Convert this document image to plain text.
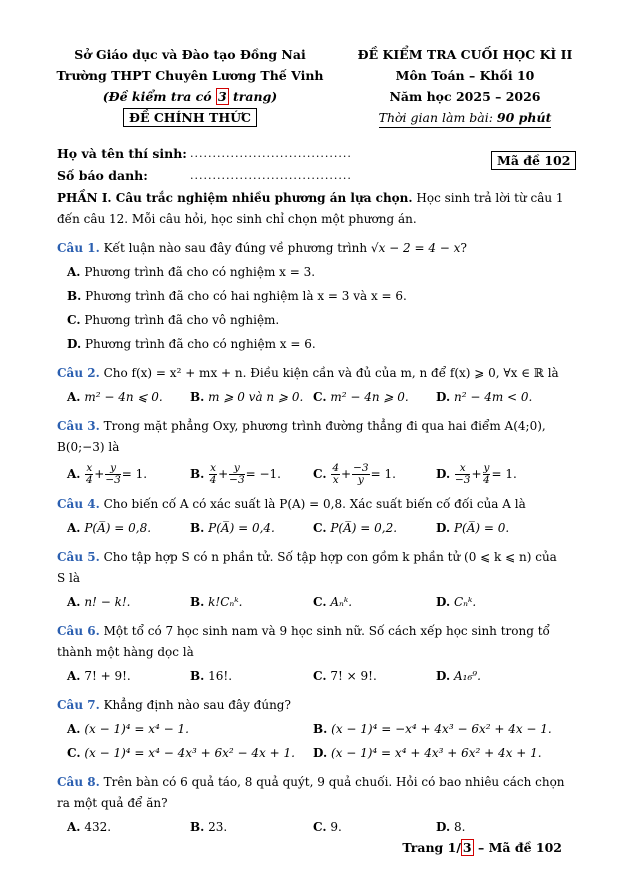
Sở Giáo dục và Đào tạo Đồng Nai
Trường THPT Chuyên Lương Thế Vinh
(Đề kiểm tra có 3 trang)
ĐỀ CHÍNH THỨC
ĐỀ KIỂM TRA CUỐI HỌC KÌ II
Môn Toán – Khối 10
Năm học 2025 – 2026
Thời gian làm bài: 90 phút
Họ và tên thí sinh: ....................................
Số báo danh:	....................................
Mã đề 102
PHẦN I. Câu trắc nghiệm nhiều phương án lựa chọn. Học sinh trả lời từ câu 1 đến câu 12. Mỗi câu hỏi, học sinh chỉ chọn một phương án.
Câu 1. Kết luận nào sau đây đúng về phương trình √x − 2 = 4 − x?
A. Phương trình đã cho có nghiệm x = 3.
B. Phương trình đã cho có hai nghiệm là x = 3 và x = 6.
C. Phương trình đã cho vô nghiệm.
D. Phương trình đã cho có nghiệm x = 6.
Câu 2. Cho f(x) = x² + mx + n. Điều kiện cần và đủ của m, n để f(x) ⩾ 0, ∀x ∈ ℝ là
A. m² − 4n ⩽ 0.	B. m ⩾ 0 và n ⩾ 0. C. m² − 4n ⩾ 0.	D. n² − 4m < 0.
Câu 3. Trong mặt phẳng Oxy, phương trình đường thẳng đi qua hai điểm A(4;0), B(0;−3) là
A. $\frac{x}{4} + \frac{y}{-3} = 1$.	B. $\frac{x}{4} + \frac{y}{-3} = -1$.	C. $\frac{4}{x} + \frac{-3}{y} = 1$.	D. $\frac{x}{-3} + \frac{y}{4} = 1$.
Câu 4. Cho biến cố A có xác suất là P(A) = 0,8. Xác suất biến cố đối của A là
A. P(A̅) = 0,8.	B. P(A̅) = 0,4.	C. P(A̅) = 0,2.	D. P(A̅) = 0.
Câu 5. Cho tập hợp S có n phần tử. Số tập hợp con gồm k phần tử (0 ⩽ k ⩽ n) của S là
A. n! − k!.	B. k!Cₙᵏ.	C. Aₙᵏ.	D. Cₙᵏ.
Câu 6. Một tổ có 7 học sinh nam và 9 học sinh nữ. Số cách xếp học sinh trong tổ thành một hàng dọc là
A. 7! + 9!.	B. 16!.	C. 7! × 9!.	D. A₁₆⁹.
Câu 7. Khẳng định nào sau đây đúng?
A. (x − 1)⁴ = x⁴ − 1.	B. (x − 1)⁴ = −x⁴ + 4x³ − 6x² + 4x − 1.
C. (x − 1)⁴ = x⁴ − 4x³ + 6x² − 4x + 1.	D. (x − 1)⁴ = x⁴ + 4x³ + 6x² + 4x + 1.
Câu 8. Trên bàn có 6 quả táo, 8 quả quýt, 9 quả chuối. Hỏi có bao nhiêu cách chọn ra một quả để ăn?
A. 432.	B. 23.	C. 9.	D. 8.
Trang 1/ 3 – Mã đề 102
